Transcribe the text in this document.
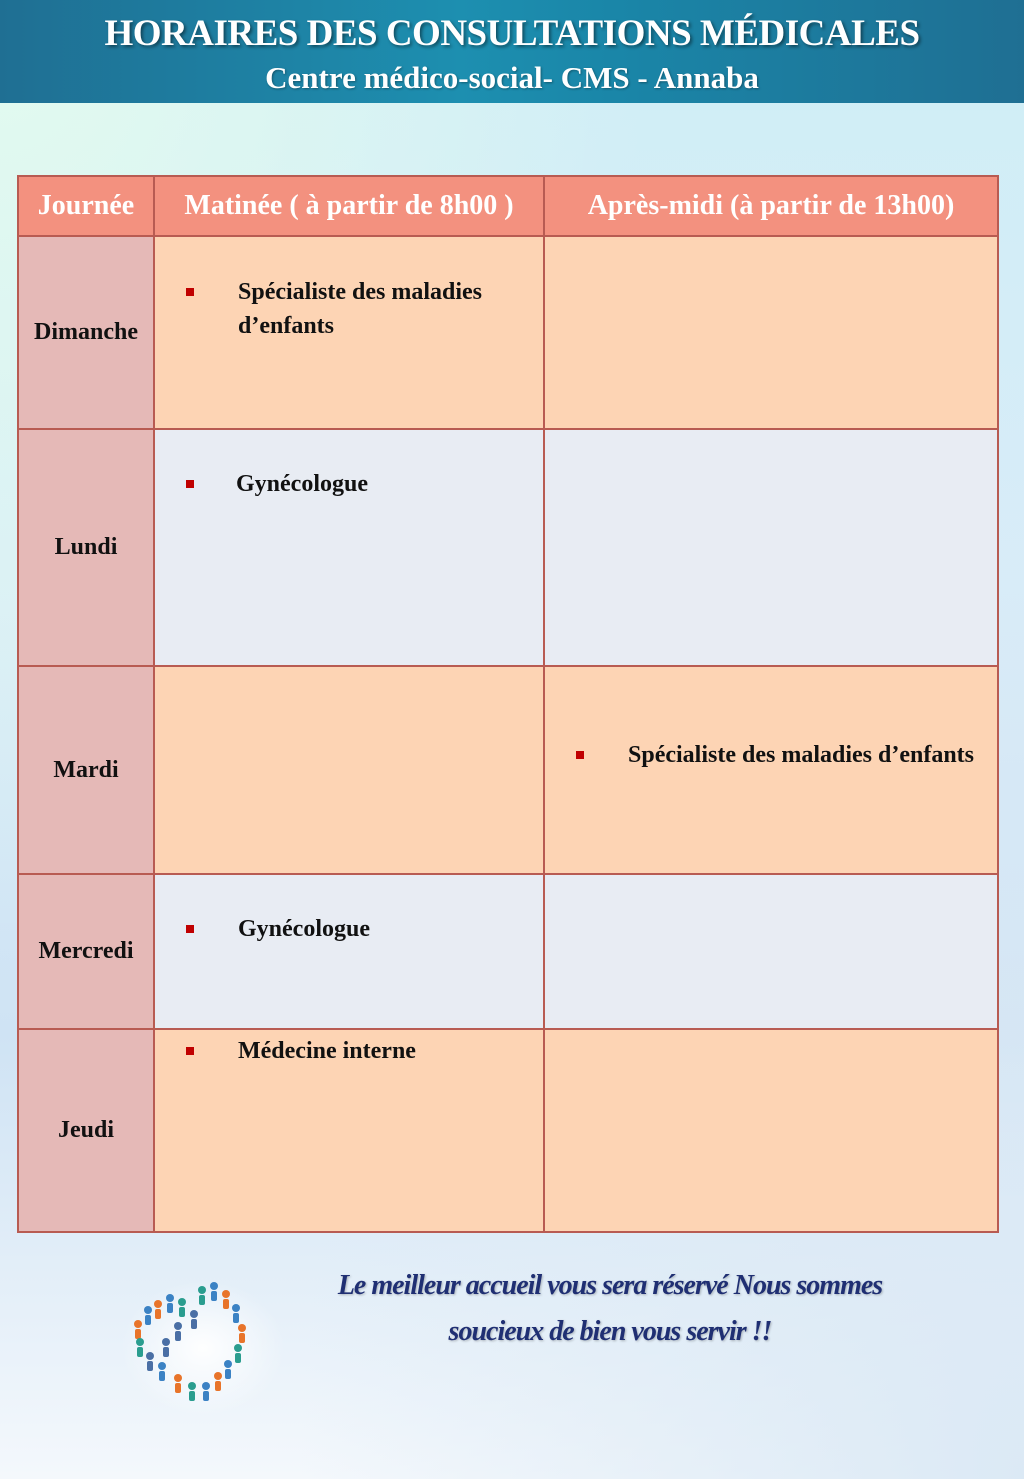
HORAIRES DES CONSULTATIONS MÉDICALES
Centre médico-social- CMS - Annaba
Journée	Matinée ( à partir de 8h00 )	Après-midi (à partir de 13h00)
Dimanche	Spécialiste des maladies d’enfants	

Lundi	Gynécologue	

Mardi		Spécialiste des maladies d’enfants

Mercredi	Gynécologue	

Jeudi	Médecine interne	

Le meilleur accueil vous sera réservé Nous sommes
soucieux de bien vous servir !!
